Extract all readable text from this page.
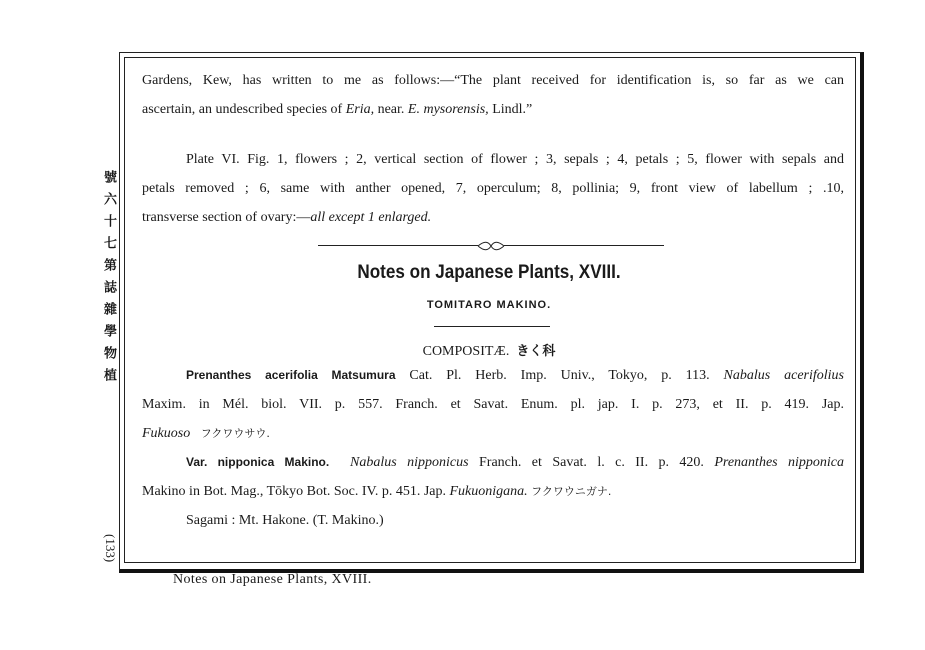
號六十七第誌雜學物植
(133)
Gardens, Kew, has written to me as follows:—“The plant received for identification is, so far as we can
ascertain, an undescribed species of Eria, near. E. mysorensis, Lindl.”
Plate VI. Fig. 1, flowers ; 2, vertical section of flower ; 3, sepals ; 4, petals ; 5, flower with sepals and
petals removed ; 6, same with anther opened, 7, operculum; 8, pollinia; 9, front view of labellum ; .10,
transverse section of ovary:—all except 1 enlarged.
Notes on Japanese Plants, XVIII.
TOMITARO MAKINO.
COMPOSITÆ. きく科
Prenanthes acerifolia Matsumura Cat. Pl. Herb. Imp. Univ., Tokyo, p. 113. Nabalus acerifolius
Maxim. in Mél. biol. VII. p. 557. Franch. et Savat. Enum. pl. jap. I. p. 273, et II. p. 419. Jap.
Fukuoso フクワウサウ.
Var. nipponica Makino. Nabalus nipponicus Franch. et Savat. l. c. II. p. 420. Prenanthes nipponica
Makino in Bot. Mag., Tōkyo Bot. Soc. IV. p. 451. Jap. Fukuonigana. フクワウニガナ.
Sagami : Mt. Hakone. (T. Makino.)
Notes on Japanese Plants, XVIII.
